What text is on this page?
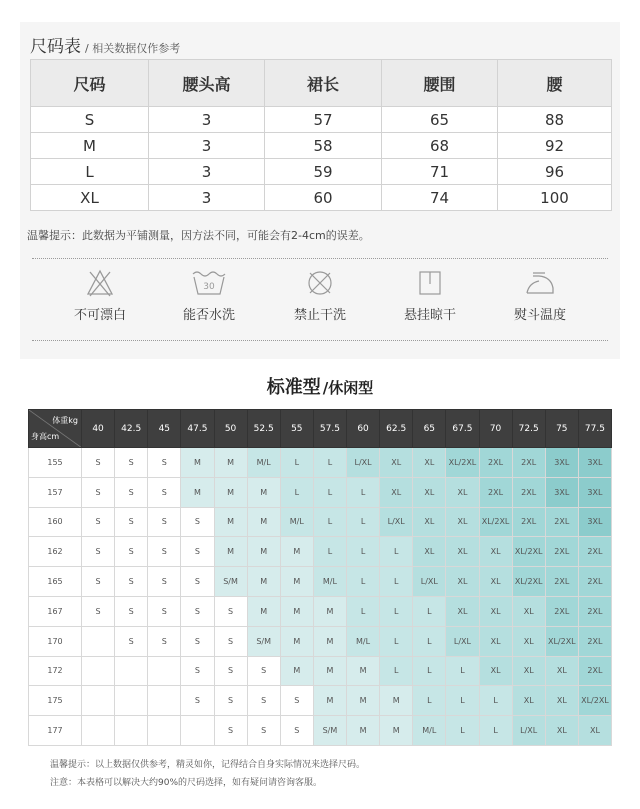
尺码表 / 相关数据仅作参考
尺码	腰头高	裙长	腰围	腰
S	3	57	65	88
M	3	58	68	92
L	3	59	71	96
XL	3	60	74	100
温馨提示：此数据为平铺测量，因方法不同，可能会有2-4cm的误差。
不可漂白
30
能否水洗	禁止干洗	悬挂晾干	熨斗温度
标准型 /休闲型
体重kg
身高cm	40	42.5	45	47.5	50	52.5	55	57.5	60	62.5	65	67.5	70	72.5	75	77.5
155	S	S	S	M	M	M/L	L	L	L/XL	XL	XL	XL/2XL	2XL	2XL	3XL	3XL
157	S	S	S	M	M	M	L	L	L	XL	XL	XL	2XL	2XL	3XL	3XL
160	S	S	S	S	M	M	M/L	L	L	L/XL	XL	XL	XL/2XL	2XL	2XL	3XL
162	S	S	S	S	M	M	M	L	L	L	XL	XL	XL	XL/2XL	2XL	2XL
165	S	S	S	S	S/M	M	M	M/L	L	L	L/XL	XL	XL	XL/2XL	2XL	2XL
167	S	S	S	S	S	M	M	M	L	L	L	XL	XL	XL	2XL	2XL
170		S	S	S	S	S/M	M	M	M/L	L	L	L/XL	XL	XL	XL/2XL	2XL
172				S	S	S	M	M	M	L	L	L	XL	XL	XL	2XL
175				S	S	S	S	M	M	M	L	L	L	XL	XL	XL/2XL
177					S	S	S	S/M	M	M	M/L	L	L	L/XL	XL	XL
温馨提示：以上数据仅供参考，精灵如你，记得结合自身实际情况来选择尺码。
注意：本表格可以解决大约90%的尺码选择，如有疑问请咨询客服。
